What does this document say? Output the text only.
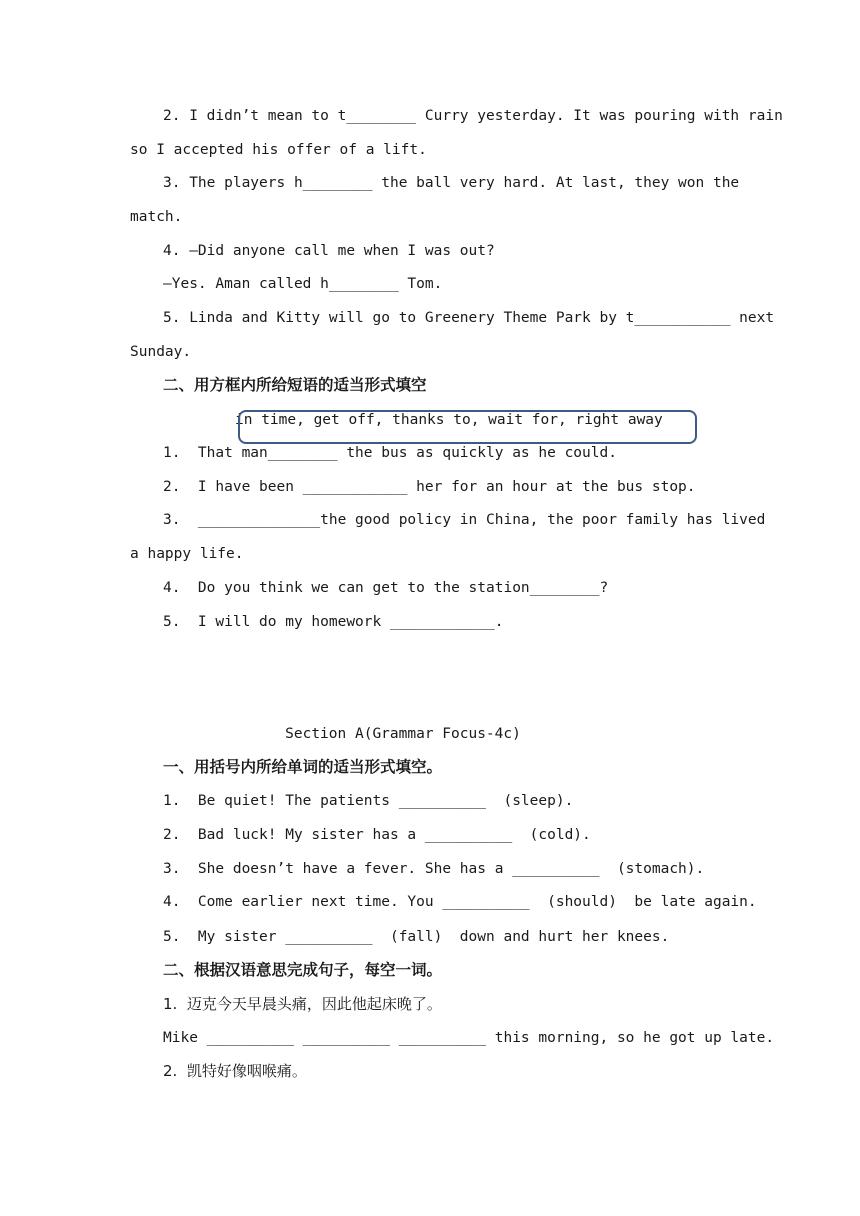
2. I didn’t mean to t________ Curry yesterday. It was pouring with rain
so I accepted his offer of a lift.
3. The players h________ the ball very hard. At last, they won the
match.
4. —Did anyone call me when I was out?
—Yes. Aman called h________ Tom.
5. Linda and Kitty will go to Greenery Theme Park by t___________ next
Sunday.
二、用方框内所给短语的适当形式填空
in time, get off, thanks to, wait for, right away
1.  That man________ the bus as quickly as he could.
2.  I have been ____________ her for an hour at the bus stop.
3.  ______________the good policy in China, the poor family has lived
a happy life.
4.  Do you think we can get to the station________?
5.  I will do my homework ____________.
Section A(Grammar Focus-4c)
一、用括号内所给单词的适当形式填空。
1.  Be quiet! The patients __________  (sleep).
2.  Bad luck! My sister has a __________  (cold).
3.  She doesn’t have a fever. She has a __________  (stomach).
4.  Come earlier next time. You __________  (should)  be late again.
5.  My sister __________  (fall)  down and hurt her knees.
二、根据汉语意思完成句子，每空一词。
1.  迈克今天早晨头痛，因此他起床晚了。
Mike __________ __________ __________ this morning, so he got up late.
2.  凯特好像咽喉痛。
